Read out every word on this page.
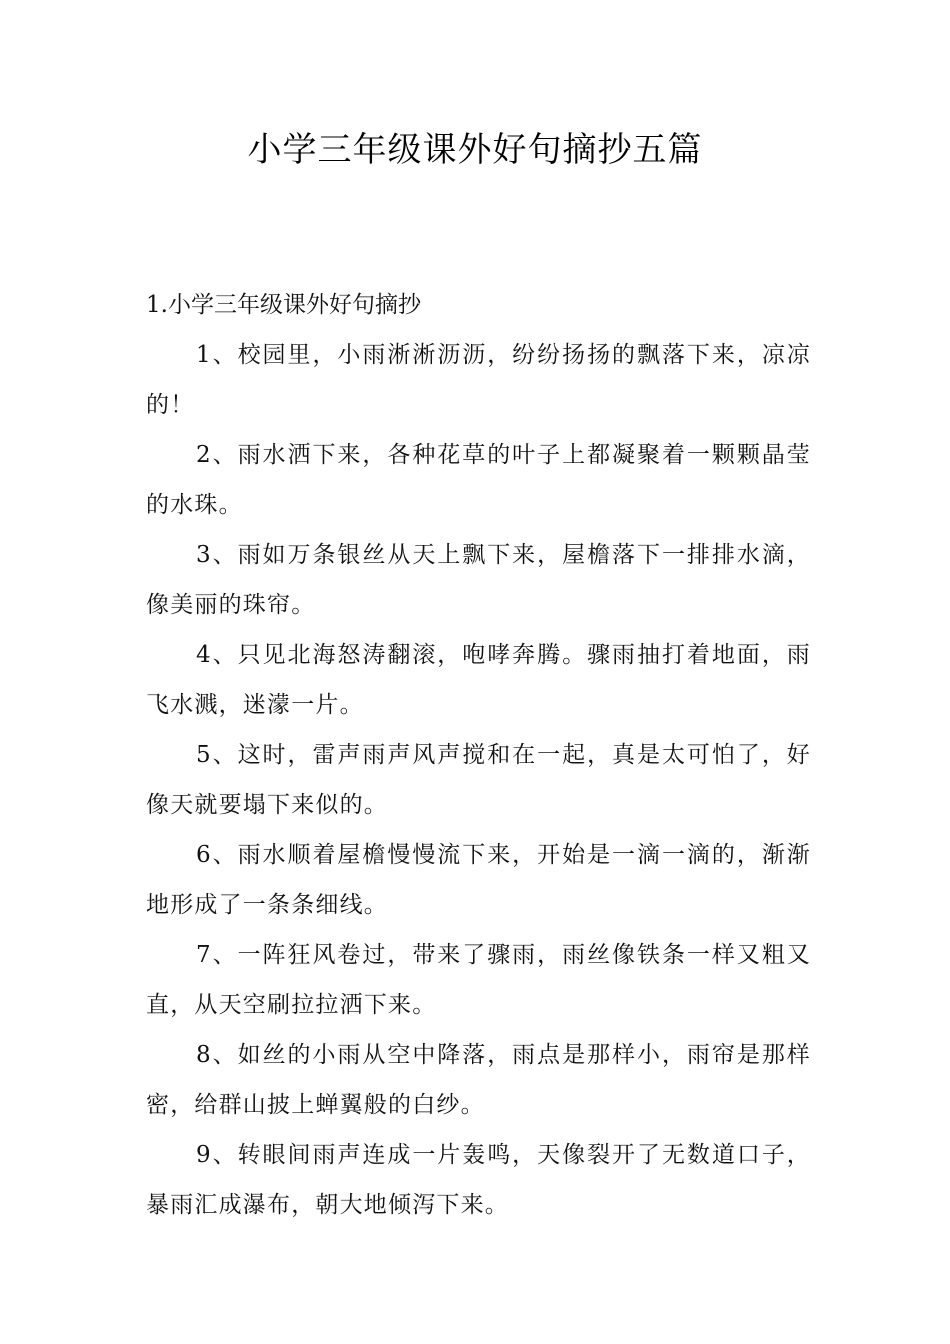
小学三年级课外好句摘抄五篇

1.小学三年级课外好句摘抄

1、校园里，小雨淅淅沥沥，纷纷扬扬的飘落下来，凉凉的！

2、雨水洒下来，各种花草的叶子上都凝聚着一颗颗晶莹的水珠。

3、雨如万条银丝从天上飘下来，屋檐落下一排排水滴，像美丽的珠帘。

4、只见北海怒涛翻滚，咆哮奔腾。骤雨抽打着地面，雨飞水溅，迷濛一片。

5、这时，雷声雨声风声搅和在一起，真是太可怕了，好像天就要塌下来似的。

6、雨水顺着屋檐慢慢流下来，开始是一滴一滴的，渐渐地形成了一条条细线。

7、一阵狂风卷过，带来了骤雨，雨丝像铁条一样又粗又直，从天空刷拉拉洒下来。

8、如丝的小雨从空中降落，雨点是那样小，雨帘是那样密，给群山披上蝉翼般的白纱。

9、转眼间雨声连成一片轰鸣，天像裂开了无数道口子，暴雨汇成瀑布，朝大地倾泻下来。
